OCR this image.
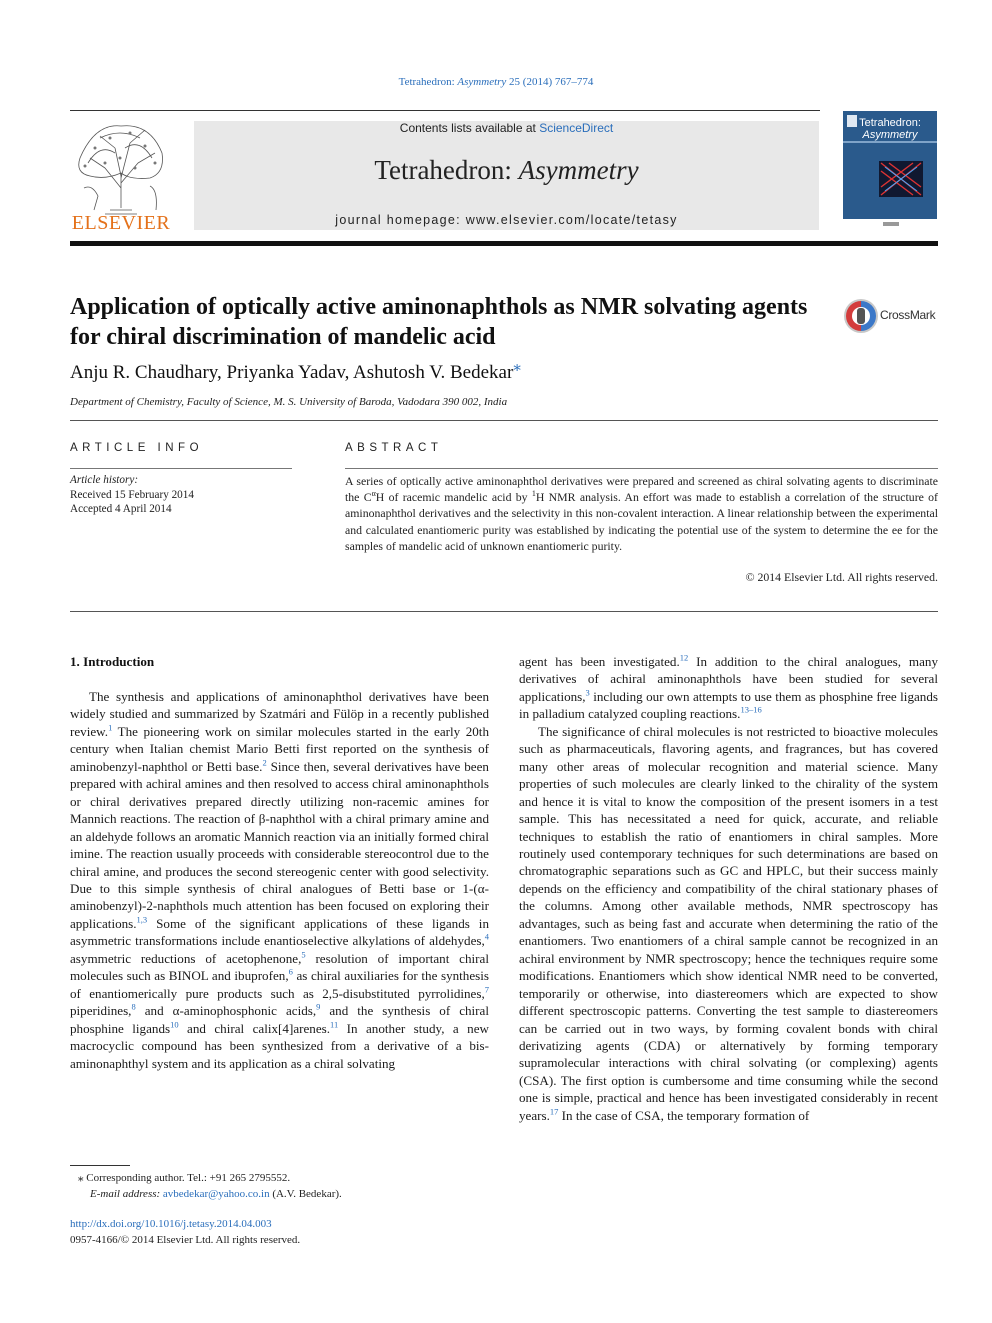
Tetrahedron: Asymmetry 25 (2014) 767–774
ELSEVIER
Contents lists available at ScienceDirect
Tetrahedron: Asymmetry
journal homepage: www.elsevier.com/locate/tetasy
Tetrahedron:
Asymmetry
Application of optically active aminonaphthols as NMR solvating agents for chiral discrimination of mandelic acid
CrossMark
Anju R. Chaudhary, Priyanka Yadav, Ashutosh V. Bedekar⁎
Department of Chemistry, Faculty of Science, M. S. University of Baroda, Vadodara 390 002, India
ARTICLE INFO	ABSTRACT
Article history:
Received 15 February 2014
Accepted 4 April 2014

A series of optically active aminonaphthol derivatives were prepared and screened as chiral solvating agents to discriminate the $C^\alpha H$ of racemic mandelic acid by $^1$H NMR analysis. An effort was made to establish a correlation of the structure of aminonaphthol derivatives and the selectivity in this non-covalent interaction. A linear relationship between the experimental and calculated enantiomeric purity was established by indicating the potential use of the system to determine the ee for the samples of mandelic acid of unknown enantiomeric purity.

© 2014 Elsevier Ltd. All rights reserved.
1. Introduction

The synthesis and applications of aminonaphthol derivatives have been widely studied and summarized by Szatmári and Fülöp in a recently published review.$^1$ The pioneering work on similar molecules started in the early 20th century when Italian chemist Mario Betti first reported on the synthesis of aminobenzyl-naphthol or Betti base.$^2$ Since then, several derivatives have been prepared with achiral amines and then resolved to access chiral aminonaphthols or chiral derivatives prepared directly utilizing non-racemic amines for Mannich reactions. The reaction of β-naphthol with a chiral primary amine and an aldehyde follows an aromatic Mannich reaction via an initially formed chiral imine. The reaction usually proceeds with considerable stereocontrol due to the chiral amine, and produces the second stereogenic center with good selectivity. Due to this simple synthesis of chiral analogues of Betti base or 1-(α-aminobenzyl)-2-naphthols much attention has been focused on exploring their applications.$^{1,3}$ Some of the significant applications of these ligands in asymmetric transformations include enantioselective alkylations of aldehydes,$^4$ asymmetric reductions of acetophenone,$^5$ resolution of important chiral molecules such as BINOL and ibuprofen,$^6$ as chiral auxiliaries for the synthesis of enantiomerically pure products such as 2,5-disubstituted pyrrolidines,$^7$ piperidines,$^8$ and α-aminophosphonic acids,$^9$ and the synthesis of chiral phosphine ligands$^{10}$ and chiral calix[4]arenes.$^{11}$ In another study, a new macrocyclic compound has been synthesized from a derivative of a bis-aminonaphthyl system and its application as a chiral solvating

agent has been investigated.$^{12}$ In addition to the chiral analogues, many derivatives of achiral aminonaphthols have been studied for several applications,$^3$ including our own attempts to use them as phosphine free ligands in palladium catalyzed coupling reactions.$^{13-16}$

The significance of chiral molecules is not restricted to bioactive molecules such as pharmaceuticals, flavoring agents, and fragrances, but has covered many other areas of molecular recognition and material science. Many properties of such molecules are clearly linked to the chirality of the system and hence it is vital to know the composition of the present isomers in a test sample. This has necessitated a need for quick, accurate, and reliable techniques to establish the ratio of enantiomers in chiral samples. More routinely used contemporary techniques for such determinations are based on chromatographic separations such as GC and HPLC, but their success mainly depends on the efficiency and compatibility of the chiral stationary phases of the columns. Among other available methods, NMR spectroscopy has advantages, such as being fast and accurate when determining the ratio of the enantiomers. Two enantiomers of a chiral sample cannot be recognized in an achiral environment by NMR spectroscopy; hence the techniques require some modifications. Enantiomers which show identical NMR need to be converted, temporarily or otherwise, into diastereomers which are expected to show different spectroscopic patterns. Converting the test sample to diastereomers can be carried out in two ways, by forming covalent bonds with chiral derivatizing agents (CDA) or alternatively by forming temporary supramolecular interactions with chiral solvating (or complexing) agents (CSA). The first option is cumbersome and time consuming while the second one is simple, practical and hence has been investigated considerably in recent years.$^{17}$ In the case of CSA, the temporary formation of

⁎ Corresponding author. Tel.: +91 265 2795552.
E-mail address: avbedekar@yahoo.co.in (A.V. Bedekar).
http://dx.doi.org/10.1016/j.tetasy.2014.04.003
0957-4166/© 2014 Elsevier Ltd. All rights reserved.
